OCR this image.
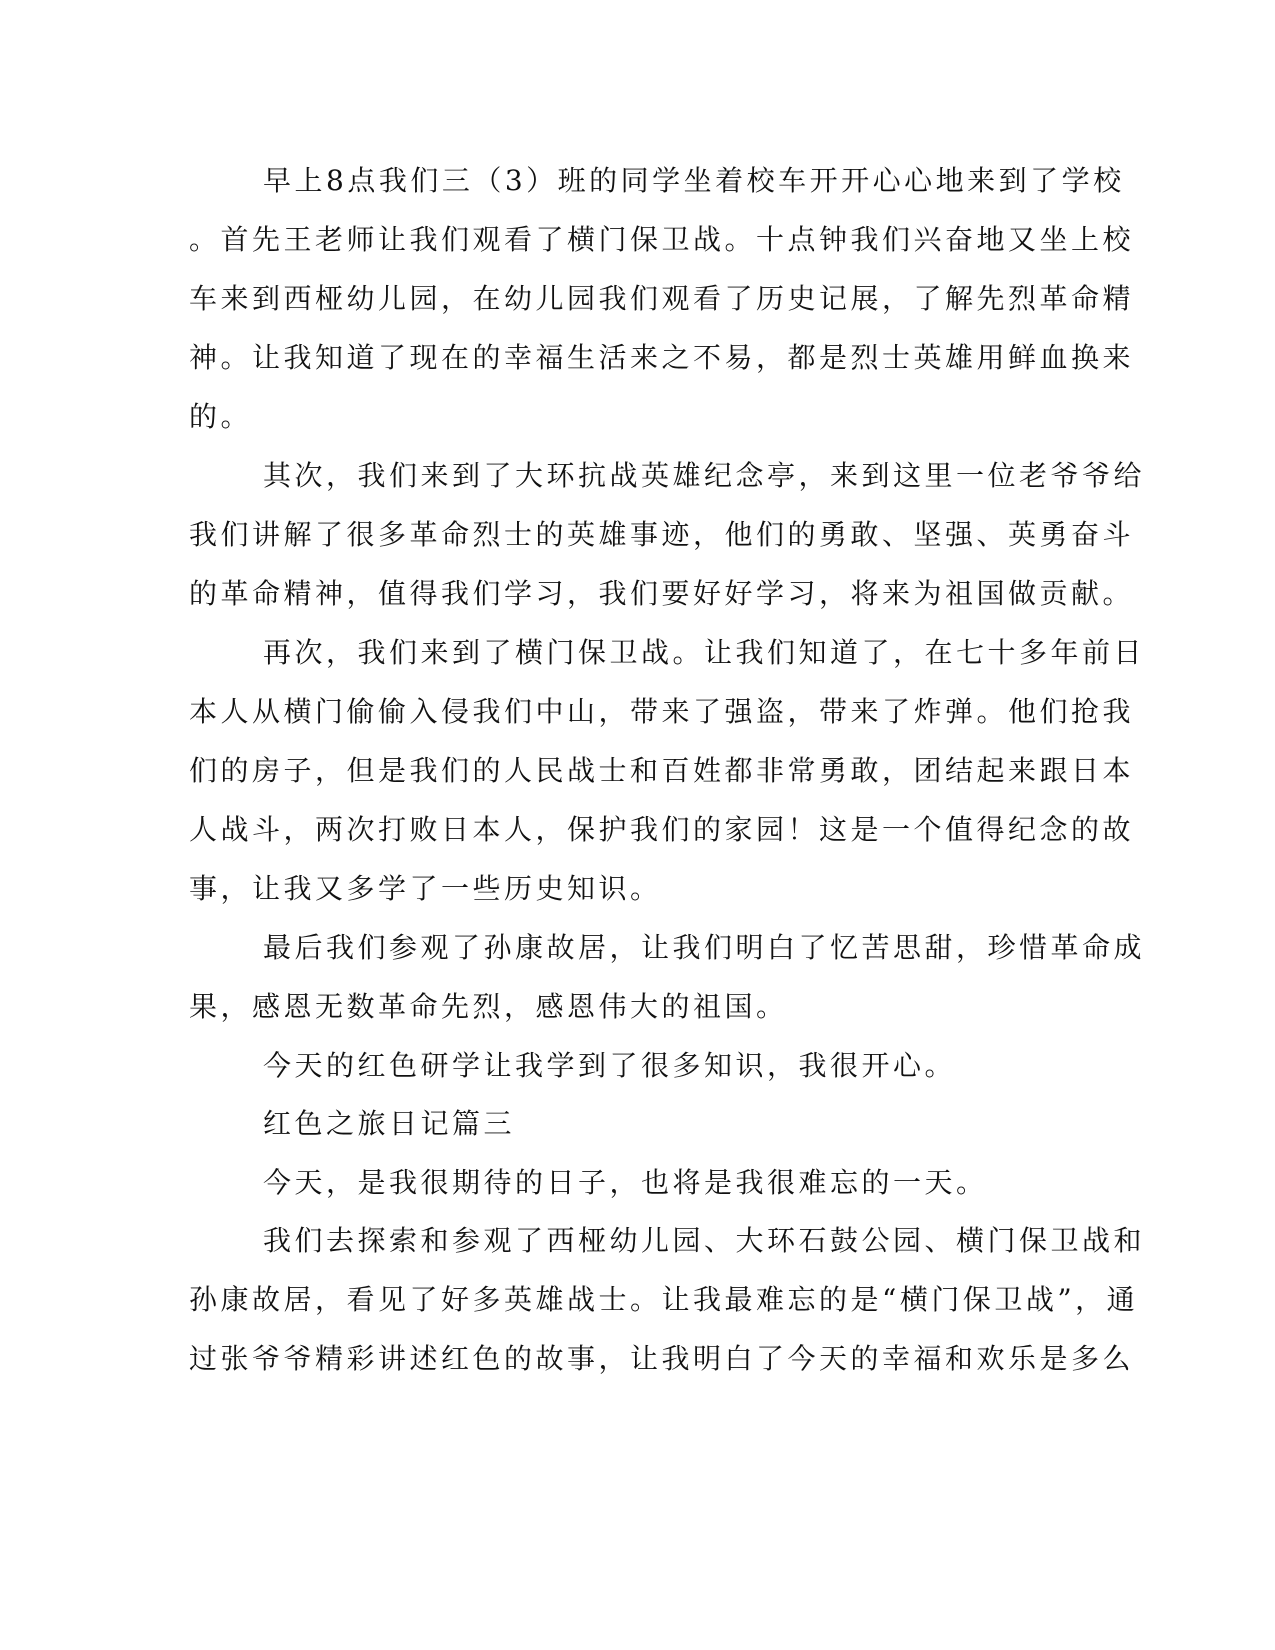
早上8点我们三（3）班的同学坐着校车开开心心地来到了学校
。首先王老师让我们观看了横门保卫战。十点钟我们兴奋地又坐上校
车来到西桠幼儿园，在幼儿园我们观看了历史记展，了解先烈革命精
神。让我知道了现在的幸福生活来之不易，都是烈士英雄用鲜血换来
的。
其次，我们来到了大环抗战英雄纪念亭，来到这里一位老爷爷给
我们讲解了很多革命烈士的英雄事迹，他们的勇敢、坚强、英勇奋斗
的革命精神，值得我们学习，我们要好好学习，将来为祖国做贡献。
再次，我们来到了横门保卫战。让我们知道了，在七十多年前日
本人从横门偷偷入侵我们中山，带来了强盗，带来了炸弹。他们抢我
们的房子，但是我们的人民战士和百姓都非常勇敢，团结起来跟日本
人战斗，两次打败日本人，保护我们的家园！这是一个值得纪念的故
事，让我又多学了一些历史知识。
最后我们参观了孙康故居，让我们明白了忆苦思甜，珍惜革命成
果，感恩无数革命先烈，感恩伟大的祖国。
今天的红色研学让我学到了很多知识，我很开心。
红色之旅日记篇三
今天，是我很期待的日子，也将是我很难忘的一天。
我们去探索和参观了西桠幼儿园、大环石鼓公园、横门保卫战和
孙康故居，看见了好多英雄战士。让我最难忘的是“横门保卫战”，通
过张爷爷精彩讲述红色的故事，让我明白了今天的幸福和欢乐是多么
